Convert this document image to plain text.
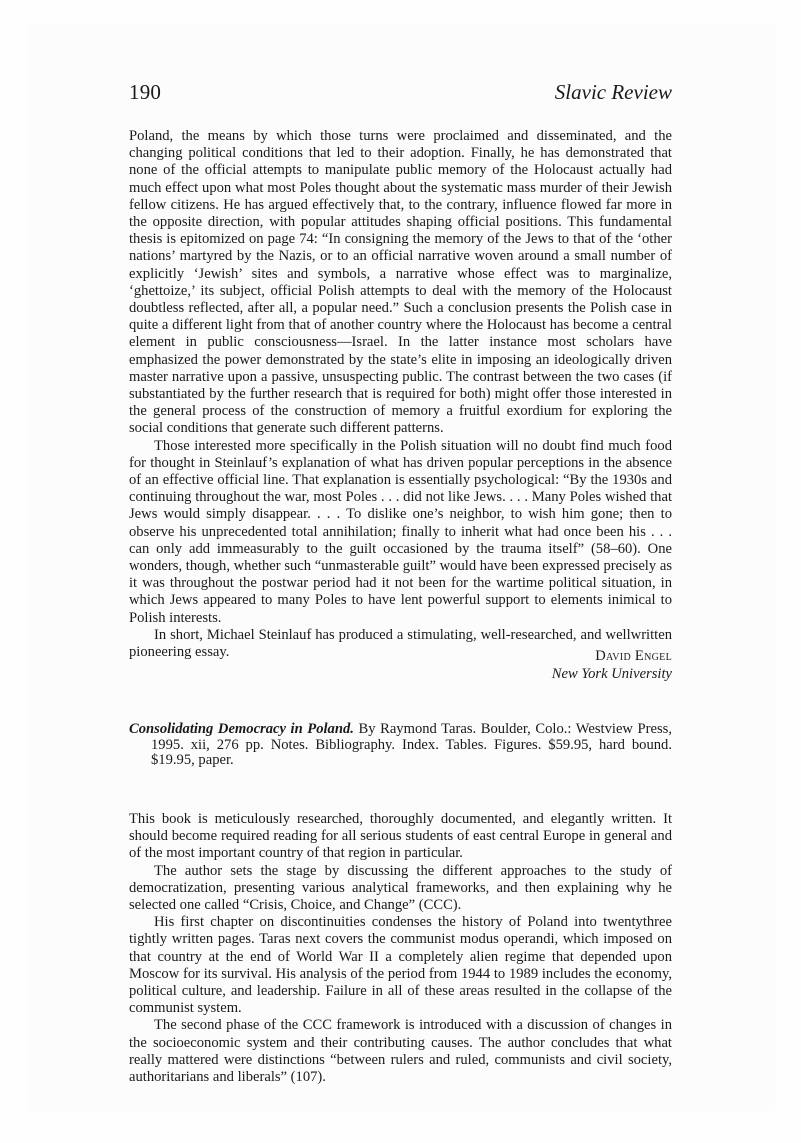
190	Slavic Review

Poland, the means by which those turns were proclaimed and disseminated, and the changing political conditions that led to their adoption. Finally, he has demonstrated that none of the official attempts to manipulate public memory of the Holocaust actually had much effect upon what most Poles thought about the systematic mass murder of their Jewish fellow citizens. He has argued effectively that, to the contrary, influence flowed far more in the opposite direction, with popular attitudes shaping official positions. This fundamental thesis is epitomized on page 74: “In consigning the memory of the Jews to that of the ‘other nations’ martyred by the Nazis, or to an official narrative woven around a small number of explicitly ‘Jewish’ sites and symbols, a narrative whose effect was to marginalize, ‘ghettoize,’ its subject, official Polish attempts to deal with the memory of the Holocaust doubtless reflected, after all, a popular need.” Such a conclusion presents the Polish case in quite a different light from that of another country where the Holocaust has become a central element in public consciousness—Israel. In the latter instance most scholars have emphasized the power demonstrated by the state’s elite in imposing an ideologically driven master narrative upon a passive, unsuspecting public. The contrast between the two cases (if substantiated by the further research that is required for both) might offer those interested in the general process of the construction of memory a fruitful exordium for exploring the social conditions that generate such different patterns.

Those interested more specifically in the Polish situation will no doubt find much food for thought in Steinlauf’s explanation of what has driven popular perceptions in the absence of an effective official line. That explanation is essentially psychological: “By the 1930s and continuing throughout the war, most Poles . . . did not like Jews. . . . Many Poles wished that Jews would simply disappear. . . . To dislike one’s neighbor, to wish him gone; then to observe his unprecedented total annihilation; finally to inherit what had once been his . . . can only add immeasurably to the guilt occasioned by the trauma itself” (58–60). One wonders, though, whether such “unmasterable guilt” would have been expressed precisely as it was throughout the postwar period had it not been for the wartime political situation, in which Jews appeared to many Poles to have lent powerful support to elements inimical to Polish interests.

In short, Michael Steinlauf has produced a stimulating, well-researched, and wellwritten pioneering essay.	David Engel
New York University
Consolidating Democracy in Poland. By Raymond Taras. Boulder, Colo.: Westview Press, 1995. xii, 276 pp. Notes. Bibliography. Index. Tables. Figures. $59.95, hard bound. $19.95, paper.

This book is meticulously researched, thoroughly documented, and elegantly written. It should become required reading for all serious students of east central Europe in general and of the most important country of that region in particular.

The author sets the stage by discussing the different approaches to the study of democratization, presenting various analytical frameworks, and then explaining why he selected one called “Crisis, Choice, and Change” (CCC).

His first chapter on discontinuities condenses the history of Poland into twentythree tightly written pages. Taras next covers the communist modus operandi, which imposed on that country at the end of World War II a completely alien regime that depended upon Moscow for its survival. His analysis of the period from 1944 to 1989 includes the economy, political culture, and leadership. Failure in all of these areas resulted in the collapse of the communist system.

The second phase of the CCC framework is introduced with a discussion of changes in the socioeconomic system and their contributing causes. The author concludes that what really mattered were distinctions “between rulers and ruled, communists and civil society, authoritarians and liberals” (107).
